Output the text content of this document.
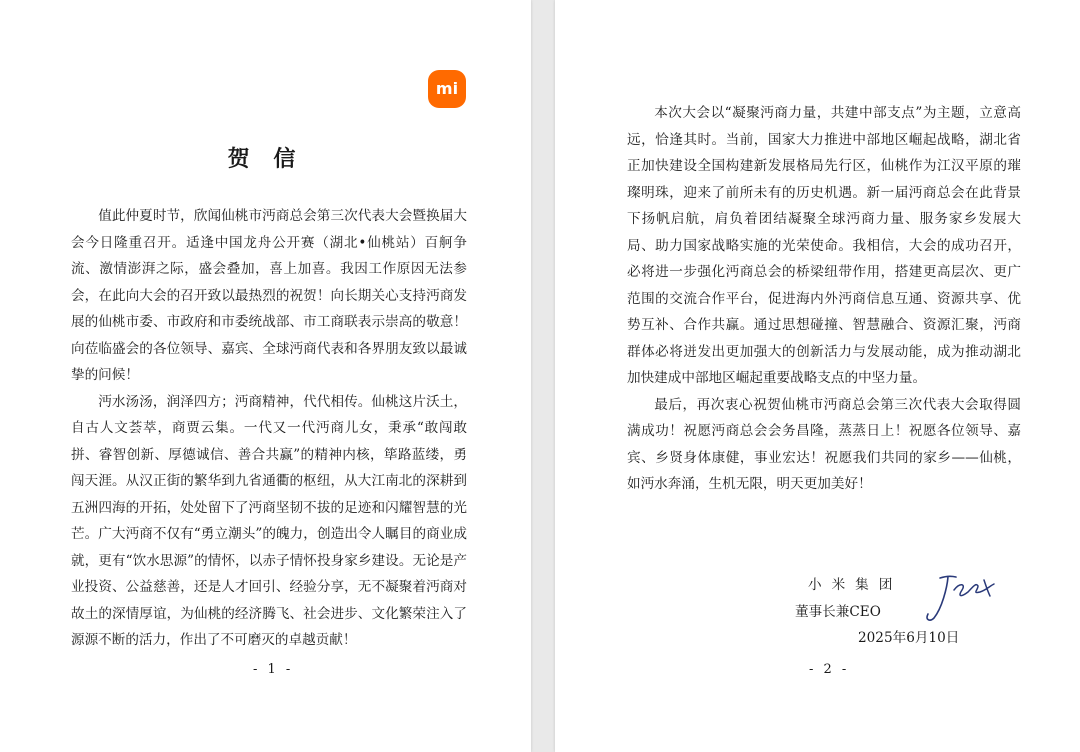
mi
贺 信
- 1 -

值此仲夏时节，欣闻仙桃市沔商总会第三次代表大会暨换届大会今日隆重召开。适逢中国龙舟公开赛（湖北•仙桃站）百舸争流、激情澎湃之际，盛会叠加，喜上加喜。我因工作原因无法参会，在此向大会的召开致以最热烈的祝贺！向长期关心支持沔商发展的仙桃市委、市政府和市委统战部、市工商联表示崇高的敬意！向莅临盛会的各位领导、嘉宾、全球沔商代表和各界朋友致以最诚挚的问候！

沔水汤汤，润泽四方；沔商精神，代代相传。仙桃这片沃土，自古人文荟萃，商贾云集。一代又一代沔商儿女，秉承“敢闯敢拼、睿智创新、厚德诚信、善合共赢”的精神内核，筚路蓝缕，勇闯天涯。从汉正街的繁华到九省通衢的枢纽，从大江南北的深耕到五洲四海的开拓，处处留下了沔商坚韧不拔的足迹和闪耀智慧的光芒。广大沔商不仅有“勇立潮头”的魄力，创造出令人瞩目的商业成就，更有“饮水思源”的情怀，以赤子情怀投身家乡建设。无论是产业投资、公益慈善，还是人才回引、经验分享，无不凝聚着沔商对故土的深情厚谊，为仙桃的经济腾飞、社会进步、文化繁荣注入了源源不断的活力，作出了不可磨灭的卓越贡献！

- 2 -

本次大会以“凝聚沔商力量，共建中部支点”为主题，立意高远，恰逢其时。当前，国家大力推进中部地区崛起战略，湖北省正加快建设全国构建新发展格局先行区，仙桃作为江汉平原的璀璨明珠，迎来了前所未有的历史机遇。新一届沔商总会在此背景下扬帆启航，肩负着团结凝聚全球沔商力量、服务家乡发展大局、助力国家战略实施的光荣使命。我相信，大会的成功召开，必将进一步强化沔商总会的桥梁纽带作用，搭建更高层次、更广范围的交流合作平台，促进海内外沔商信息互通、资源共享、优势互补、合作共赢。通过思想碰撞、智慧融合、资源汇聚，沔商群体必将迸发出更加强大的创新活力与发展动能，成为推动湖北加快建成中部地区崛起重要战略支点的中坚力量。

最后，再次衷心祝贺仙桃市沔商总会第三次代表大会取得圆满成功！祝愿沔商总会会务昌隆，蒸蒸日上！祝愿各位领导、嘉宾、乡贤身体康健，事业宏达！祝愿我们共同的家乡——仙桃，如沔水奔涌，生机无限，明天更加美好！

小米集团
董事长兼CEO
2025年6月10日
